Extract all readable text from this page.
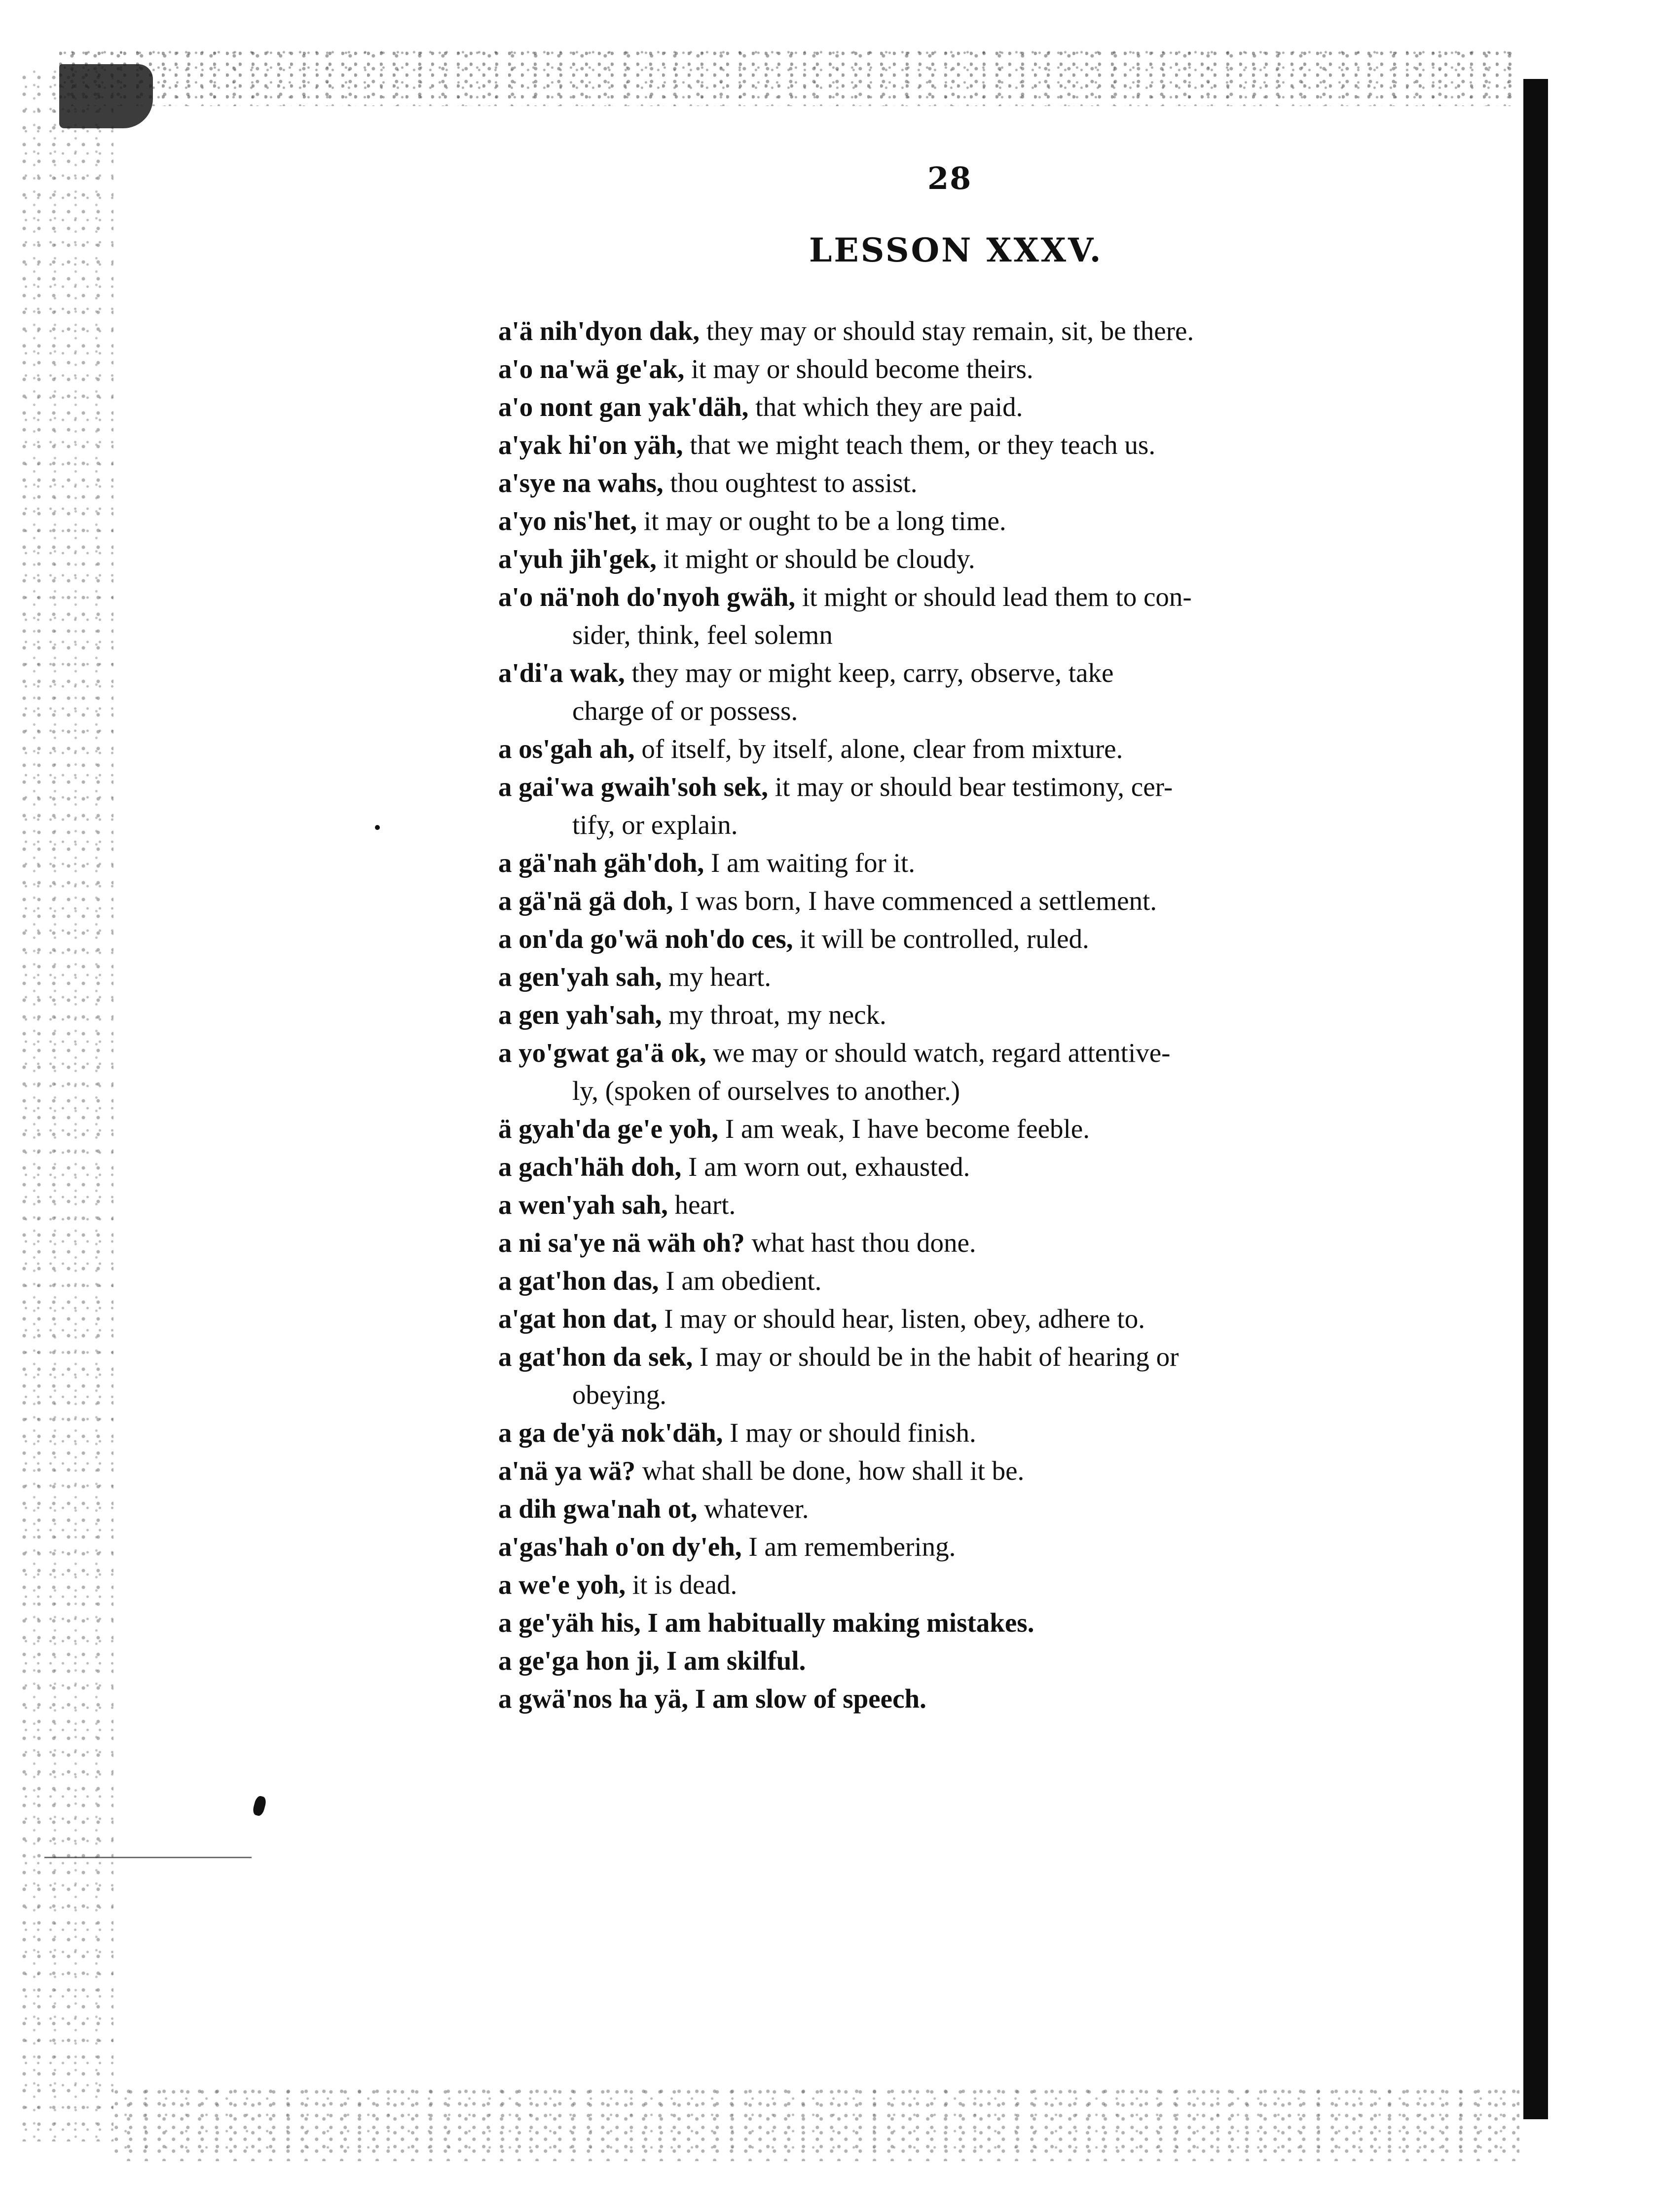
28
LESSON XXXV.
a'ä nih'dyon dak, they may or should stay remain, sit, be there.
a'o na'wä ge'ak, it may or should become theirs.
a'o nont gan yak'däh, that which they are paid.
a'yak hi'on yäh, that we might teach them, or they teach us.
a'sye na wahs, thou oughtest to assist.
a'yo nis'het, it may or ought to be a long time.
a'yuh jih'gek, it might or should be cloudy.
a'o nä'noh do'nyoh gwäh, it might or should lead them to con-
sider, think, feel solemn
a'di'a wak, they may or might keep, carry, observe, take
charge of or possess.
a os'gah ah, of itself, by itself, alone, clear from mixture.
a gai'wa gwaih'soh sek, it may or should bear testimony, cer-
tify, or explain.
a gä'nah gäh'doh, I am waiting for it.
a gä'nä gä doh, I was born, I have commenced a settlement.
a on'da go'wä noh'do ces, it will be controlled, ruled.
a gen'yah sah, my heart.
a gen yah'sah, my throat, my neck.
a yo'gwat ga'ä ok, we may or should watch, regard attentive-
ly, (spoken of ourselves to another.)
ä gyah'da ge'e yoh, I am weak, I have become feeble.
a gach'häh doh, I am worn out, exhausted.
a wen'yah sah, heart.
a ni sa'ye nä wäh oh? what hast thou done.
a gat'hon das, I am obedient.
a'gat hon dat, I may or should hear, listen, obey, adhere to.
a gat'hon da sek, I may or should be in the habit of hearing or
obeying.
a ga de'yä nok'däh, I may or should finish.
a'nä ya wä? what shall be done, how shall it be.
a dih gwa'nah ot, whatever.
a'gas'hah o'on dy'eh, I am remembering.
a we'e yoh, it is dead.
a ge'yäh his, I am habitually making mistakes.
a ge'ga hon ji, I am skilful.
a gwä'nos ha yä, I am slow of speech.
